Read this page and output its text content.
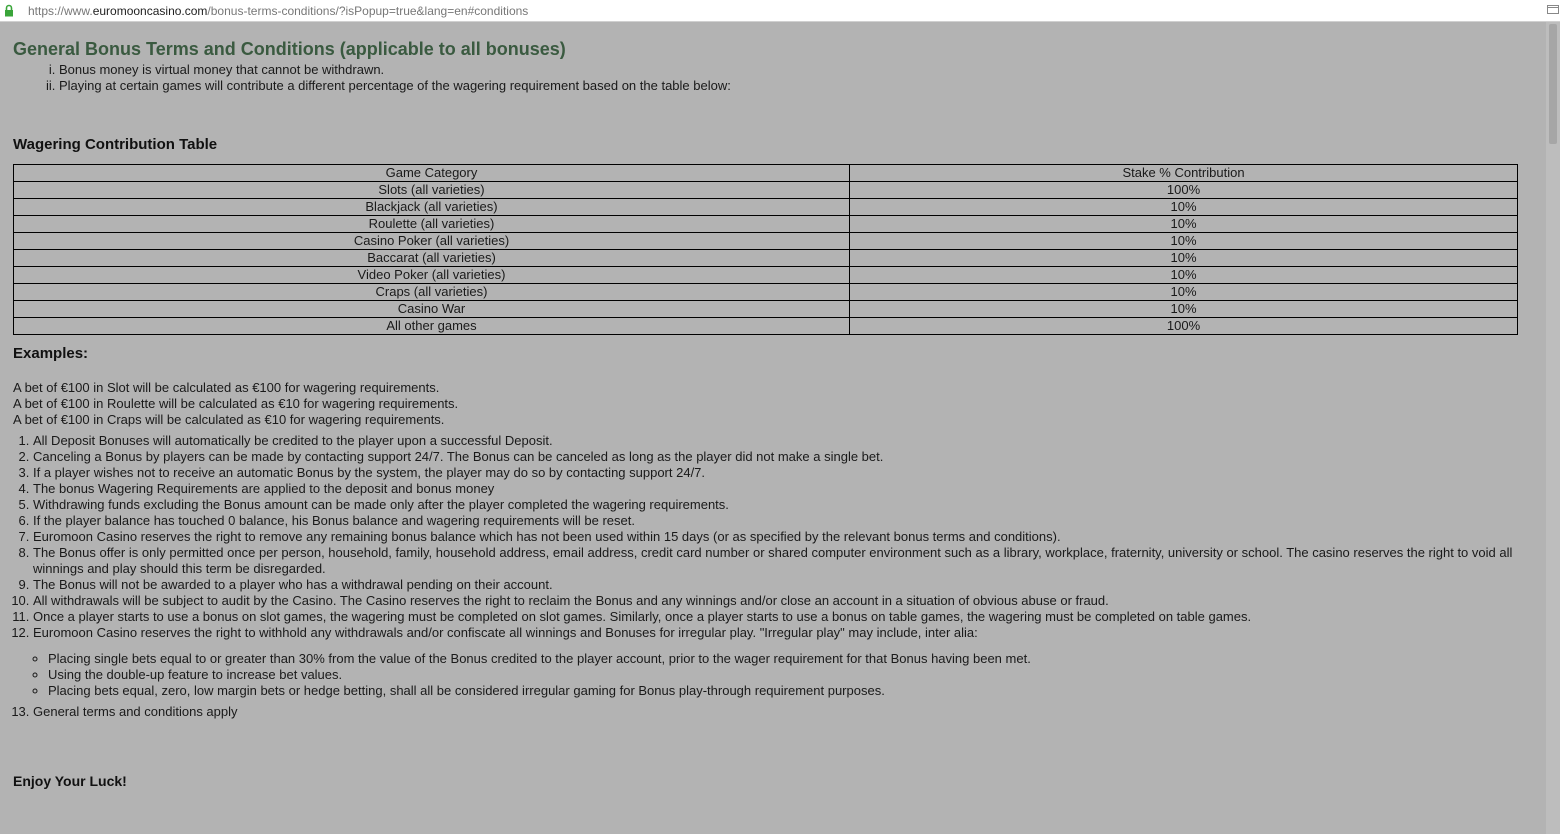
https://www.euromooncasino.com/bonus-terms-conditions/?isPopup=true&lang=en#conditions
General Bonus Terms and Conditions (applicable to all bonuses)
i. Bonus money is virtual money that cannot be withdrawn.
ii. Playing at certain games will contribute a different percentage of the wagering requirement based on the table below:
Wagering Contribution Table
Game Category	Stake % Contribution
Slots (all varieties)	100%
Blackjack (all varieties)	10%
Roulette (all varieties)	10%
Casino Poker (all varieties)	10%
Baccarat (all varieties)	10%
Video Poker (all varieties)	10%
Craps (all varieties)	10%
Casino War	10%
All other games	100%
Examples:
A bet of €100 in Slot will be calculated as €100 for wagering requirements.
A bet of €100 in Roulette will be calculated as €10 for wagering requirements.
A bet of €100 in Craps will be calculated as €10 for wagering requirements.
1. All Deposit Bonuses will automatically be credited to the player upon a successful Deposit.
2. Canceling a Bonus by players can be made by contacting support 24/7. The Bonus can be canceled as long as the player did not make a single bet.
3. If a player wishes not to receive an automatic Bonus by the system, the player may do so by contacting support 24/7.
4. The bonus Wagering Requirements are applied to the deposit and bonus money
5. Withdrawing funds excluding the Bonus amount can be made only after the player completed the wagering requirements.
6. If the player balance has touched 0 balance, his Bonus balance and wagering requirements will be reset.
7. Euromoon Casino reserves the right to remove any remaining bonus balance which has not been used within 15 days (or as specified by the relevant bonus terms and conditions).
8. The Bonus offer is only permitted once per person, household, family, household address, email address, credit card number or shared computer environment such as a library, workplace, fraternity, university or school. The casino reserves the right to void all winnings and play should this term be disregarded.
9. The Bonus will not be awarded to a player who has a withdrawal pending on their account.
10. All withdrawals will be subject to audit by the Casino. The Casino reserves the right to reclaim the Bonus and any winnings and/or close an account in a situation of obvious abuse or fraud.
11. Once a player starts to use a bonus on slot games, the wagering must be completed on slot games. Similarly, once a player starts to use a bonus on table games, the wagering must be completed on table games.
12. Euromoon Casino reserves the right to withhold any withdrawals and/or confiscate all winnings and Bonuses for irregular play. "Irregular play" may include, inter alia:
◦ Placing single bets equal to or greater than 30% from the value of the Bonus credited to the player account, prior to the wager requirement for that Bonus having been met.
◦ Using the double-up feature to increase bet values.
◦ Placing bets equal, zero, low margin bets or hedge betting, shall all be considered irregular gaming for Bonus play-through requirement purposes.
13. General terms and conditions apply
Enjoy Your Luck!
